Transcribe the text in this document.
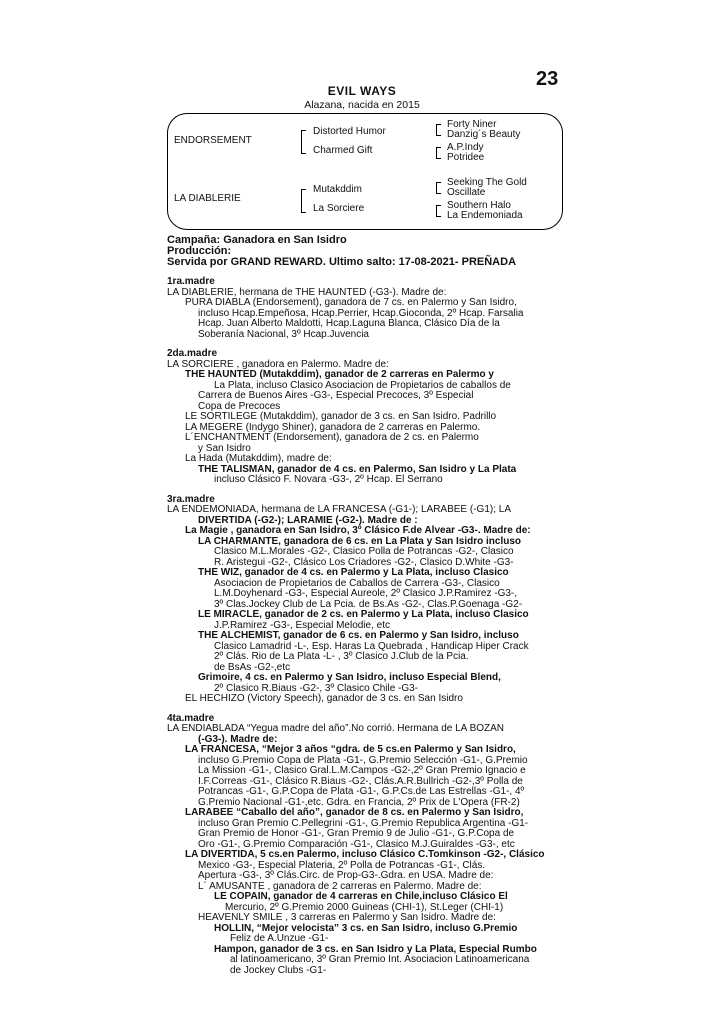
23
EVIL WAYS
Alazana, nacida en 2015
ENDORSEMENT
LA DIABLERIE
Distorted Humor
Charmed Gift
Mutakddim
La Sorciere
Forty Niner
Danzig´s Beauty
A.P.Indy
Potridee
Seeking The Gold
Oscillate
Southern Halo
La Endemoniada

Campaña: Ganadora en San Isidro

Producción:

Servida por GRAND REWARD. Ultimo salto: 17-08-2021- PREÑADA

1ra.madre

LA DIABLERIE, hermana de THE HAUNTED (-G3-). Madre de:

PURA DIABLA (Endorsement), ganadora de 7 cs. en Palermo y San Isidro,

incluso Hcap.Empeñosa, Hcap.Perrier, Hcap.Gioconda, 2º Hcap. Farsalia

Hcap. Juan Alberto Maldotti, Hcap.Laguna Blanca, Clásico Día de la

Soberanía Nacional, 3º Hcap.Juvencia

2da.madre

LA SORCIERE , ganadora en Palermo. Madre de:

THE HAUNTED (Mutakddim), ganador de 2 carreras en Palermo y

La Plata, incluso Clasico Asociacion de Propietarios de caballos de

Carrera de Buenos Aires -G3-, Especial Precoces, 3º Especial

Copa de Precoces

LE SORTILEGE (Mutakddim), ganador de 3 cs. en San Isidro. Padrillo

LA MEGERE (Indygo Shiner), ganadora de 2 carreras en Palermo.

L´ENCHANTMENT (Endorsement), ganadora de 2 cs. en Palermo

y San Isidro

La Hada (Mutakddim), madre de:

THE TALISMAN, ganador de 4 cs. en Palermo, San Isidro y La Plata

incluso Clásico F. Novara -G3-, 2º Hcap. El Serrano

3ra.madre

LA ENDEMONIADA, hermana de LA FRANCESA (-G1-); LARABEE (-G1); LA

DIVERTIDA (-G2-); LARAMIE (-G2-). Madre de :

La Magie , ganadora en San Isidro, 3º Clásico F.de Alvear -G3-. Madre de:

LA CHARMANTE, ganadora de 6 cs. en La Plata y San Isidro incluso

Clasico M.L.Morales -G2-, Clasico Polla de Potrancas -G2-, Clasico

R. Aristegui -G2-, Clásico Los Criadores -G2-, Clasico D.White -G3-

THE WIZ, ganador de 4 cs. en Palermo y La Plata, incluso Clasico

Asociacion de Propietarios de Caballos de Carrera -G3-, Clasico

L.M.Doyhenard -G3-, Especial Aureole, 2º Clasico J.P.Ramirez -G3-,

3º Clas.Jockey Club de La Pcia. de Bs.As -G2-, Clas.P.Goenaga -G2-

LE MIRACLE, ganador de 2 cs. en Palermo y La Plata, incluso Clasico

J.P.Ramirez -G3-, Especial Melodie, etc

THE ALCHEMIST, ganador de 6 cs. en Palermo y San Isidro, incluso

Clasico Lamadrid -L-, Esp. Haras La Quebrada , Handicap Hiper Crack

2º Clás. Rio de La Plata -L- , 3º Clasico J.Club de la Pcia.

de BsAs -G2-,etc

Grimoire, 4 cs. en Palermo y San Isidro, incluso Especial Blend,

2º Clasico R.Biaus -G2-, 3º Clasico Chile -G3-

EL HECHIZO (Victory Speech), ganador de 3 cs. en San Isidro

4ta.madre

LA ENDIABLADA “Yegua madre del año”.No corrió. Hermana de LA BOZAN

(-G3-). Madre de:

LA FRANCESA, “Mejor 3 años “gdra. de 5 cs.en Palermo y San Isidro,

incluso G.Premio Copa de Plata -G1-, G.Premio Selección -G1-, G.Premio

La Mission -G1-, Clasico Gral.L.M.Campos -G2-,2º Gran Premio Ignacio e

I.F.Correas -G1-, Clásico R.Biaus -G2-, Clás.A.R.Bullrich -G2-,3º Polla de

Potrancas -G1-, G.P.Copa de Plata -G1-, G.P.Cs.de Las Estrellas -G1-, 4º

G.Premio Nacional -G1-,etc. Gdra. en Francia, 2º Prix de L'Opera (FR-2)

LARABEE “Caballo del año”, ganador de 8 cs. en Palermo y San Isidro,

incluso Gran Premio C.Pellegrini -G1-, G.Premio Republica Argentina -G1-

Gran Premio de Honor -G1-, Gran Premio 9 de Julio -G1-, G.P.Copa de

Oro -G1-, G.Premio Comparación -G1-, Clasico M.J.Guiraldes -G3-, etc

LA DIVERTIDA, 5 cs.en Palermo, incluso Clásico C.Tomkinson -G2-, Clásico

Mexico -G3-, Especial Plateria, 2º Polla de Potrancas -G1-, Clás.

Apertura -G3-, 3º Clás.Circ. de Prop-G3-.Gdra. en USA. Madre de:

L´ AMUSANTE , ganadora de 2 carreras en Palermo. Madre de:

LE COPAIN, ganador de 4 carreras en Chile,incluso Clásico El

Mercurio, 2º G.Premio 2000 Guineas (CHI-1), St.Leger (CHI-1)

HEAVENLY SMILE , 3 carreras en Palermo y San Isidro. Madre de:

HOLLIN, “Mejor velocista” 3 cs. en San Isidro, incluso G.Premio

Feliz de A.Unzue -G1-

Hampon, ganador de 3 cs. en San Isidro y La Plata, Especial Rumbo

al latinoamericano, 3º Gran Premio Int. Asociacion Latinoamericana

de Jockey Clubs -G1-
